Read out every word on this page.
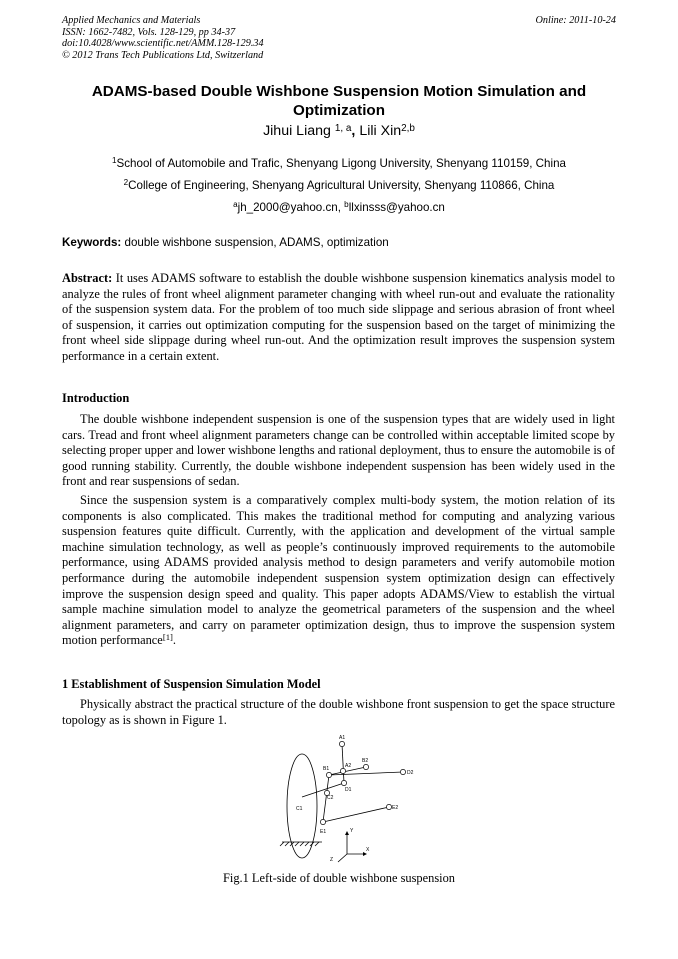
Applied Mechanics and Materials
ISSN: 1662-7482, Vols. 128-129, pp 34-37
doi:10.4028/www.scientific.net/AMM.128-129.34
© 2012 Trans Tech Publications Ltd, Switzerland
Online: 2011-10-24
ADAMS-based Double Wishbone Suspension Motion Simulation and Optimization
Jihui Liang $^{1, a}$, Lili Xin$^{2,b}$
$^1$School of Automobile and Trafic, Shenyang Ligong University, Shenyang 110159, China
$^2$College of Engineering, Shenyang Agricultural University, Shenyang 110866, China
$^a$jh_2000@yahoo.cn, $^b$llxinsss@yahoo.cn
Keywords: double wishbone suspension, ADAMS, optimization
Abstract: It uses ADAMS software to establish the double wishbone suspension kinematics analysis model to analyze the rules of front wheel alignment parameter changing with wheel run-out and evaluate the rationality of the suspension system data. For the problem of too much side slippage and serious abrasion of front wheel of suspension, it carries out optimization computing for the suspension based on the target of minimizing the front wheel side slippage during wheel run-out. And the optimization result improves the suspension system performance in a certain extent.
Introduction
The double wishbone independent suspension is one of the suspension types that are widely used in light cars. Tread and front wheel alignment parameters change can be controlled within acceptable limited scope by selecting proper upper and lower wishbone lengths and rational deployment, thus to ensure the automobile is of good running stability. Currently, the double wishbone independent suspension has been widely used in the front and rear suspensions of sedan.
Since the suspension system is a comparatively complex multi-body system, the motion relation of its components is also complicated. This makes the traditional method for computing and analyzing various suspension features quite difficult. Currently, with the application and development of the virtual sample machine simulation technology, as well as people’s continuously improved requirements to the automobile performance, using ADAMS provided analysis method to design parameters and verify automobile motion performance during the automobile independent suspension system optimization design can effectively improve the suspension design speed and quality. This paper adopts ADAMS/View to establish the virtual sample machine simulation model to analyze the geometrical parameters of the suspension and the wheel alignment parameters, and carry on parameter optimization design, thus to improve the suspension system motion performance[1].
1 Establishment of Suspension Simulation Model
Physically abstract the practical structure of the double wishbone front suspension to get the space structure topology as is shown in Figure 1.
A1
B1	A2
B2
D1
D2
C1
C2
E1
E2
Y
X
Z
Fig.1 Left-side of double wishbone suspension
